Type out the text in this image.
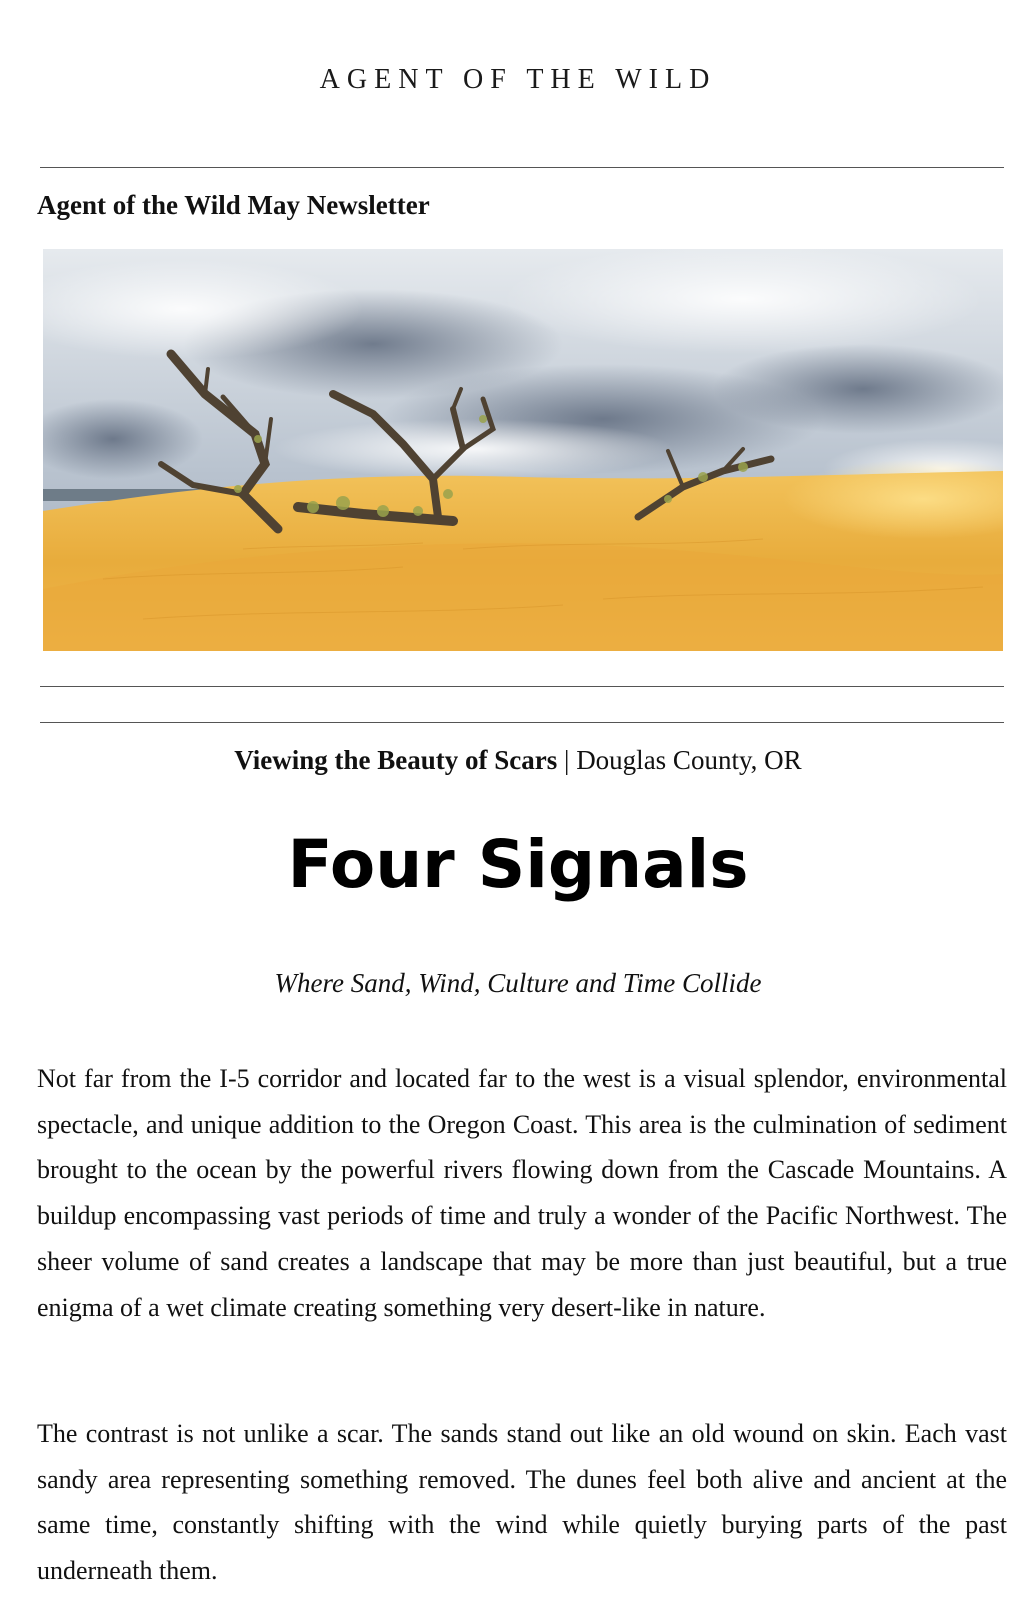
AGENT OF THE WILD
Agent of the Wild May Newsletter
Viewing the Beauty of Scars | Douglas County, OR
Four Signals
Where Sand, Wind, Culture and Time Collide

Not far from the I-5 corridor and located far to the west is a visual splendor, environmental spectacle, and unique addition to the Oregon Coast. This area is the culmination of sediment brought to the ocean by the powerful rivers flowing down from the Cascade Mountains. A buildup encompassing vast periods of time and truly a wonder of the Pacific Northwest. The sheer volume of sand creates a landscape that may be more than just beautiful, but a true enigma of a wet climate creating something very desert-like in nature.

The contrast is not unlike a scar. The sands stand out like an old wound on skin. Each vast sandy area representing something removed. The dunes feel both alive and ancient at the same time, constantly shifting with the wind while quietly burying parts of the past underneath them.
